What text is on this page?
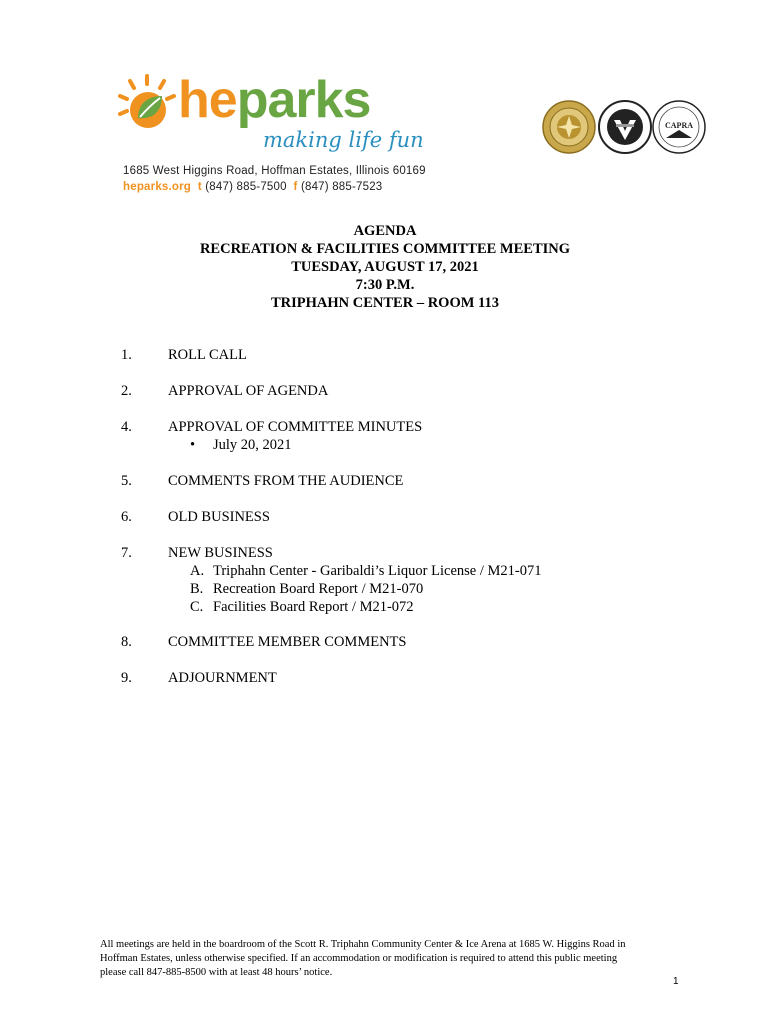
heparks
making life fun
1685 West Higgins Road, Hoffman Estates, Illinois 60169
heparks.org t (847) 885-7500 f (847) 885-7523
CAPRA
AGENDA
RECREATION & FACILITIES COMMITTEE MEETING
TUESDAY, AUGUST 17, 2021
7:30 P.M.
TRIPHAHN CENTER – ROOM 113
1. ROLL CALL
2. APPROVAL OF AGENDA
4. APPROVAL OF COMMITTEE MINUTES
• July 20, 2021
5. COMMENTS FROM THE AUDIENCE
6. OLD BUSINESS
7. NEW BUSINESS
A. Triphahn Center - Garibaldi’s Liquor License / M21-071
B. Recreation Board Report / M21-070
C. Facilities Board Report / M21-072
8. COMMITTEE MEMBER COMMENTS
9. ADJOURNMENT
All meetings are held in the boardroom of the Scott R. Triphahn Community Center & Ice Arena at 1685 W. Higgins Road in
Hoffman Estates, unless otherwise specified. If an accommodation or modification is required to attend this public meeting
please call 847-885-8500 with at least 48 hours’ notice.
1
